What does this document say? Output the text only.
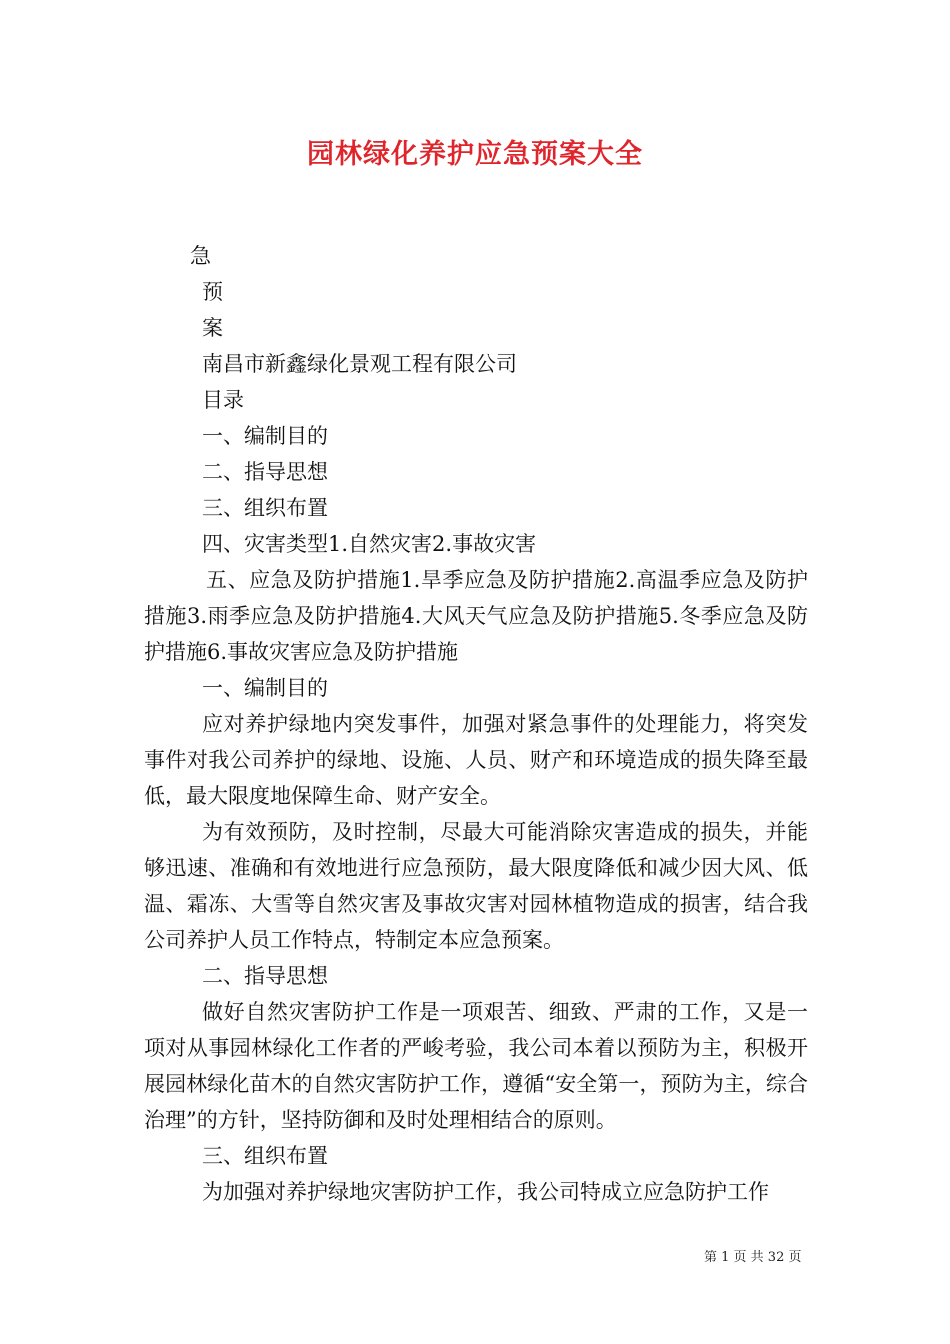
园林绿化养护应急预案大全
急
预
案
南昌市新鑫绿化景观工程有限公司
目录
一、编制目的
二、指导思想
三、组织布置
四、灾害类型1.自然灾害2.事故灾害
五、应急及防护措施1.旱季应急及防护措施2.高温季应急及防护措施3.雨季应急及防护措施4.大风天气应急及防护措施5.冬季应急及防护措施6.事故灾害应急及防护措施
一、编制目的
应对养护绿地内突发事件，加强对紧急事件的处理能力，将突发事件对我公司养护的绿地、设施、人员、财产和环境造成的损失降至最低，最大限度地保障生命、财产安全。
为有效预防，及时控制，尽最大可能消除灾害造成的损失，并能够迅速、准确和有效地进行应急预防，最大限度降低和减少因大风、低温、霜冻、大雪等自然灾害及事故灾害对园林植物造成的损害，结合我公司养护人员工作特点，特制定本应急预案。
二、指导思想
做好自然灾害防护工作是一项艰苦、细致、严肃的工作，又是一项对从事园林绿化工作者的严峻考验，我公司本着以预防为主，积极开展园林绿化苗木的自然灾害防护工作，遵循“安全第一，预防为主，综合治理”的方针，坚持防御和及时处理相结合的原则。
三、组织布置
为加强对养护绿地灾害防护工作，我公司特成立应急防护工作
第 1 页 共 32 页
